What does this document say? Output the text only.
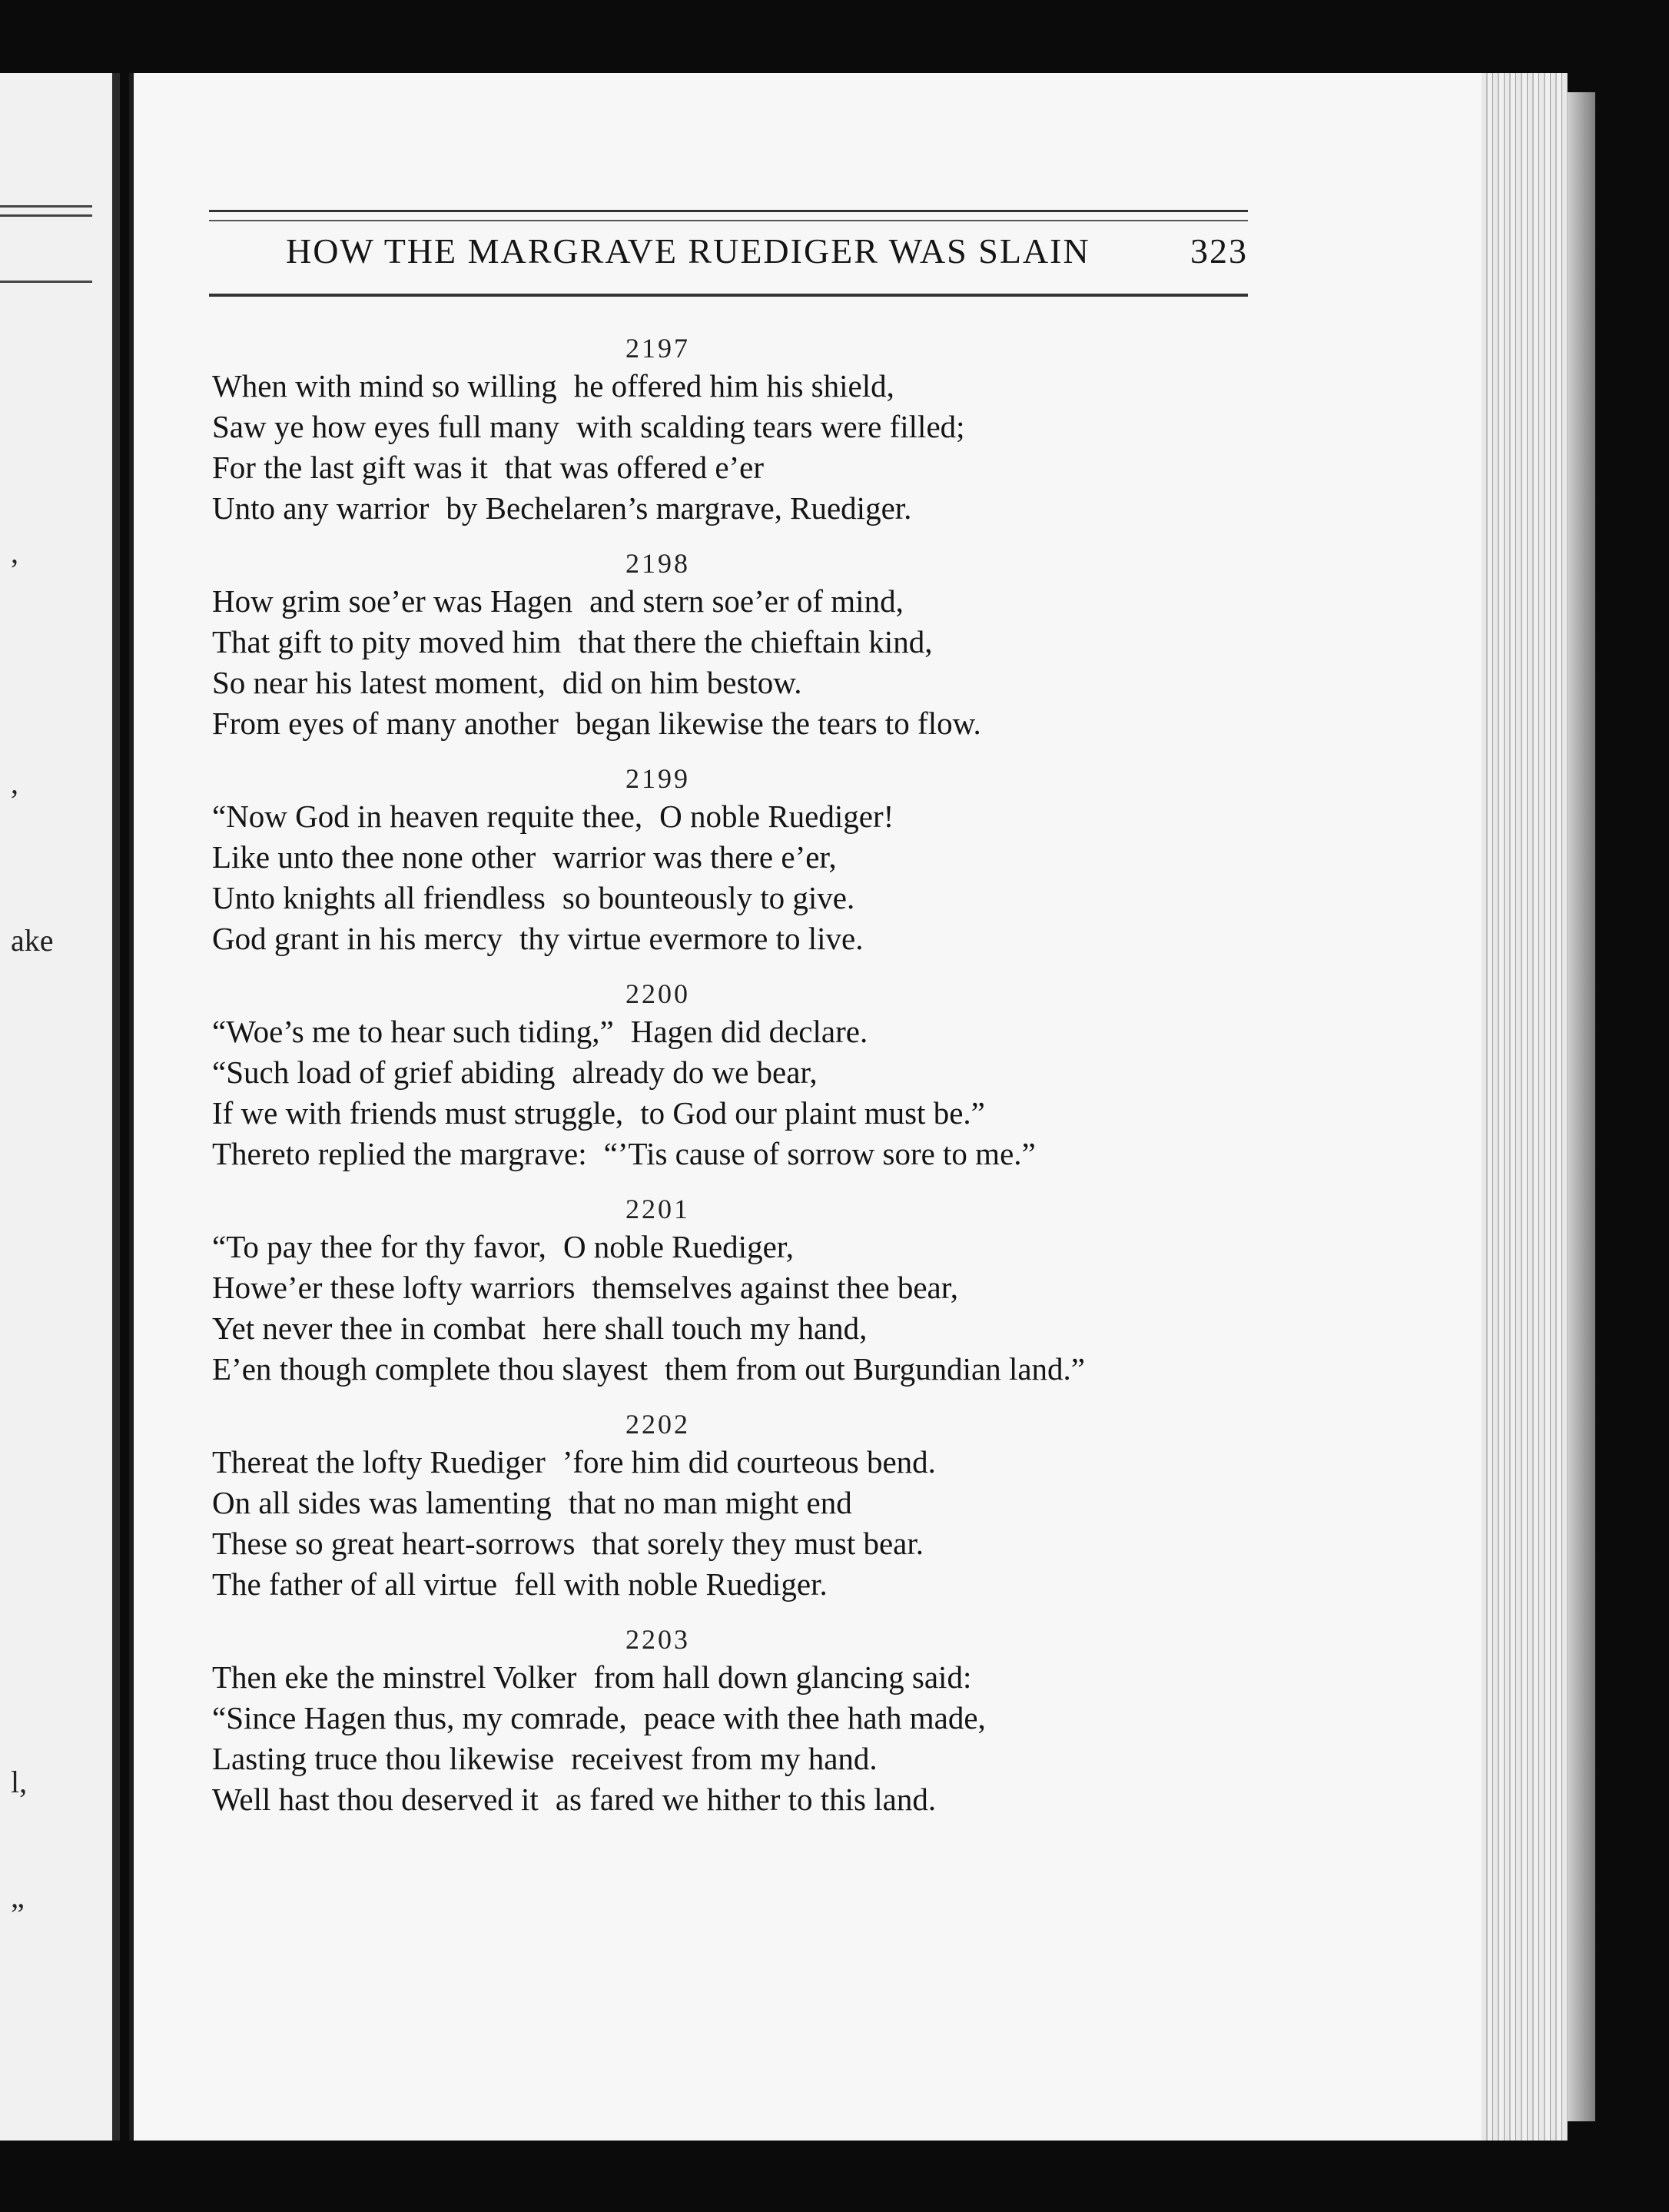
,
,
ake
l,
”
HOW THE MARGRAVE RUEDIGER WAS SLAIN	323
2197
When with mind so willing he offered him his shield,
Saw ye how eyes full many with scalding tears were filled;
For the last gift was it that was offered e’er
Unto any warrior by Bechelaren’s margrave, Ruediger.
2198
How grim soe’er was Hagen and stern soe’er of mind,
That gift to pity moved him that there the chieftain kind,
So near his latest moment, did on him bestow.
From eyes of many another began likewise the tears to flow.
2199
“Now God in heaven requite thee, O noble Ruediger!
Like unto thee none other warrior was there e’er,
Unto knights all friendless so bounteously to give.
God grant in his mercy thy virtue evermore to live.
2200
“Woe’s me to hear such tiding,” Hagen did declare.
“Such load of grief abiding already do we bear,
If we with friends must struggle, to God our plaint must be.”
Thereto replied the margrave: “’Tis cause of sorrow sore to me.”
2201
“To pay thee for thy favor, O noble Ruediger,
Howe’er these lofty warriors themselves against thee bear,
Yet never thee in combat here shall touch my hand,
E’en though complete thou slayest them from out Burgundian land.”
2202
Thereat the lofty Ruediger ’fore him did courteous bend.
On all sides was lamenting that no man might end
These so great heart-sorrows that sorely they must bear.
The father of all virtue fell with noble Ruediger.
2203
Then eke the minstrel Volker from hall down glancing said:
“Since Hagen thus, my comrade, peace with thee hath made,
Lasting truce thou likewise receivest from my hand.
Well hast thou deserved it as fared we hither to this land.
